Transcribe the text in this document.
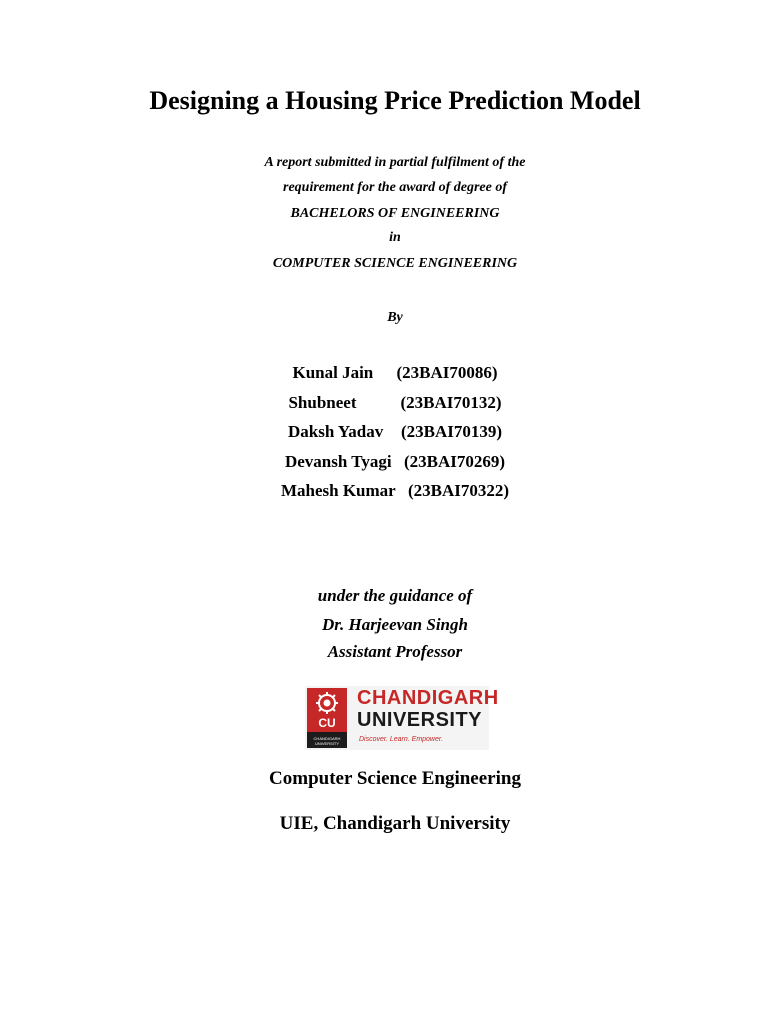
Designing a Housing Price Prediction Model
A report submitted in partial fulfilment of the
requirement for the award of degree of
BACHELORS OF ENGINEERING
in
COMPUTER SCIENCE ENGINEERING
By
Kunal Jain (23BAI70086)
Shubneet	(23BAI70132)
Daksh Yadav (23BAI70139)
Devansh Tyagi (23BAI70269)
Mahesh Kumar (23BAI70322)
under the guidance of
Dr. Harjeevan Singh
Assistant Professor
CU
CHANDIGARH UNIVERSITY
CHANDIGARH
UNIVERSITY
Discover. Learn. Empower.
Computer Science Engineering
UIE, Chandigarh University
